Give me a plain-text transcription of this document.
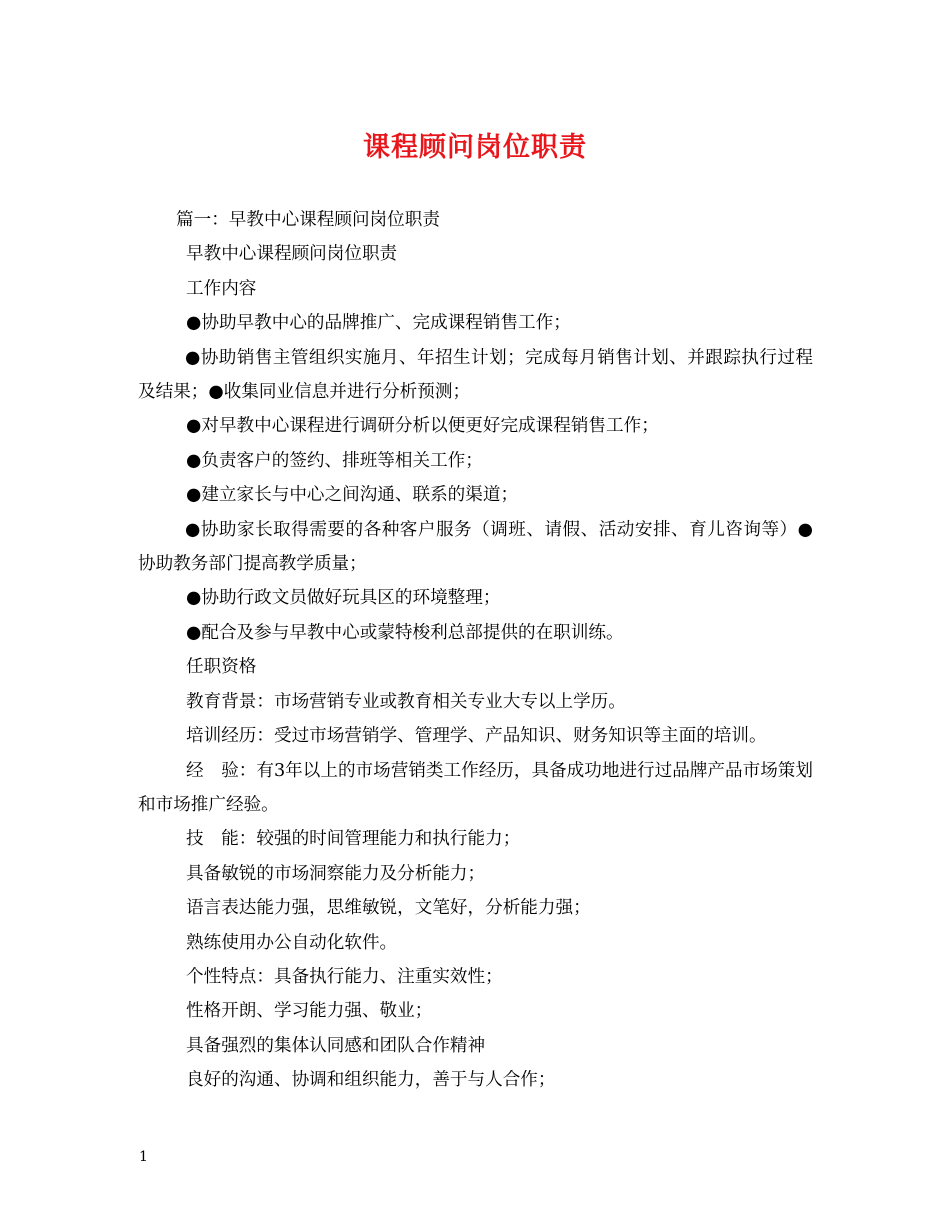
课程顾问岗位职责

篇一：早教中心课程顾问岗位职责

早教中心课程顾问岗位职责

工作内容

●协助早教中心的品牌推广、完成课程销售工作；

●协助销售主管组织实施月、年招生计划；完成每月销售计划、并跟踪执行过程及结果；●收集同业信息并进行分析预测；

●对早教中心课程进行调研分析以便更好完成课程销售工作；

●负责客户的签约、排班等相关工作；

●建立家长与中心之间沟通、联系的渠道；

●协助家长取得需要的各种客户服务（调班、请假、活动安排、育儿咨询等）●协助教务部门提高教学质量；

●协助行政文员做好玩具区的环境整理；

●配合及参与早教中心或蒙特梭利总部提供的在职训练。

任职资格

教育背景：市场营销专业或教育相关专业大专以上学历。

培训经历：受过市场营销学、管理学、产品知识、财务知识等主面的培训。

经　验：有3年以上的市场营销类工作经历，具备成功地进行过品牌产品市场策划和市场推广经验。

技　能：较强的时间管理能力和执行能力；

具备敏锐的市场洞察能力及分析能力；

语言表达能力强，思维敏锐，文笔好，分析能力强；

熟练使用办公自动化软件。

个性特点：具备执行能力、注重实效性；

性格开朗、学习能力强、敬业；

具备强烈的集体认同感和团队合作精神

良好的沟通、协调和组织能力，善于与人合作；

1
